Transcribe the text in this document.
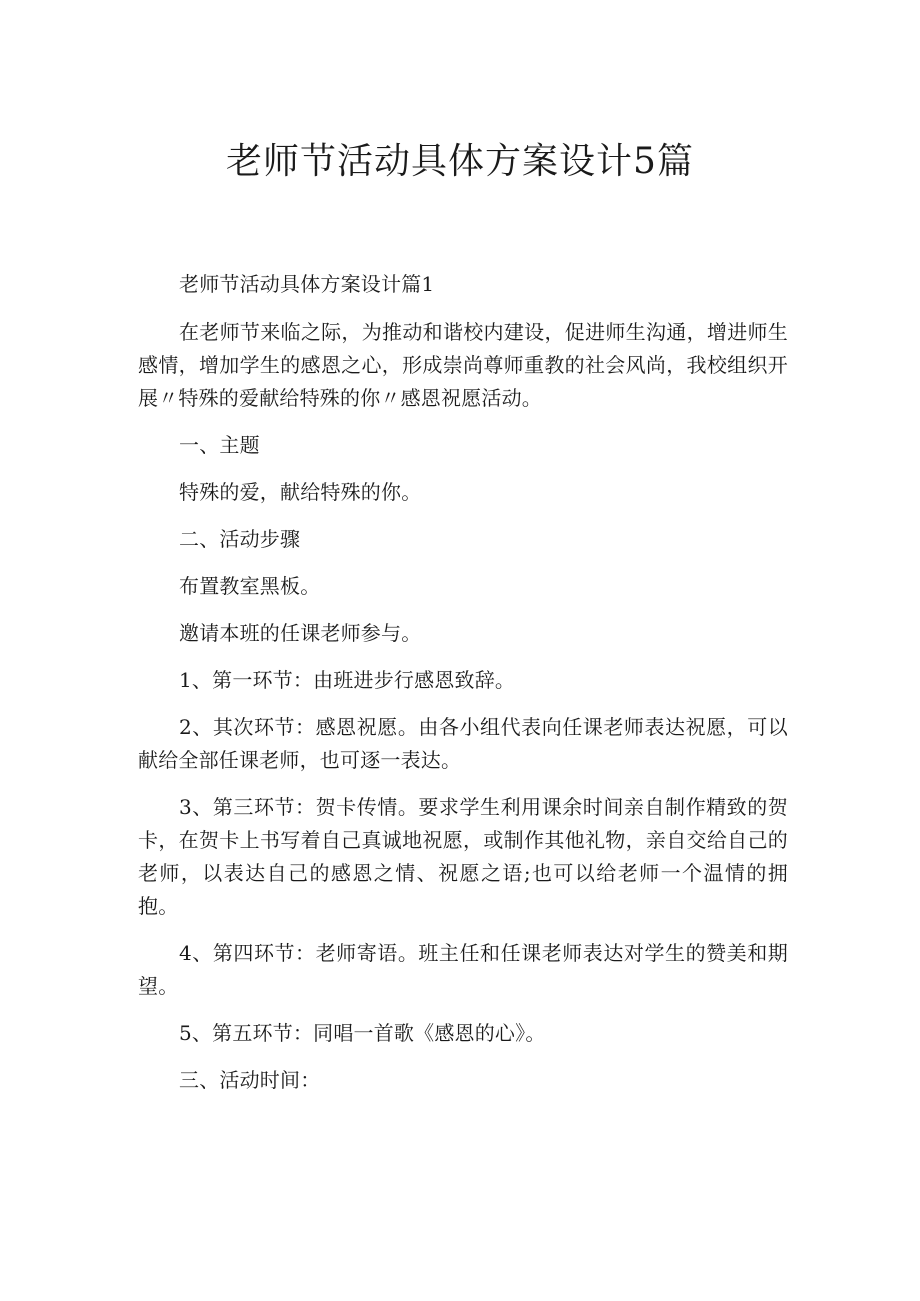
老师节活动具体方案设计5篇

老师节活动具体方案设计篇1

在老师节来临之际，为推动和谐校内建设，促进师生沟通，增进师生感情，增加学生的感恩之心，形成崇尚尊师重教的社会风尚，我校组织开展〃特殊的爱献给特殊的你〃感恩祝愿活动。

一、主题

特殊的爱，献给特殊的你。

二、活动步骤

布置教室黑板。

邀请本班的任课老师参与。

1、第一环节：由班进步行感恩致辞。

2、其次环节：感恩祝愿。由各小组代表向任课老师表达祝愿，可以献给全部任课老师，也可逐一表达。

3、第三环节：贺卡传情。要求学生利用课余时间亲自制作精致的贺卡，在贺卡上书写着自己真诚地祝愿，或制作其他礼物，亲自交给自己的老师，以表达自己的感恩之情、祝愿之语;也可以给老师一个温情的拥抱。

4、第四环节：老师寄语。班主任和任课老师表达对学生的赞美和期望。

5、第五环节：同唱一首歌《感恩的心》。

三、活动时间：
